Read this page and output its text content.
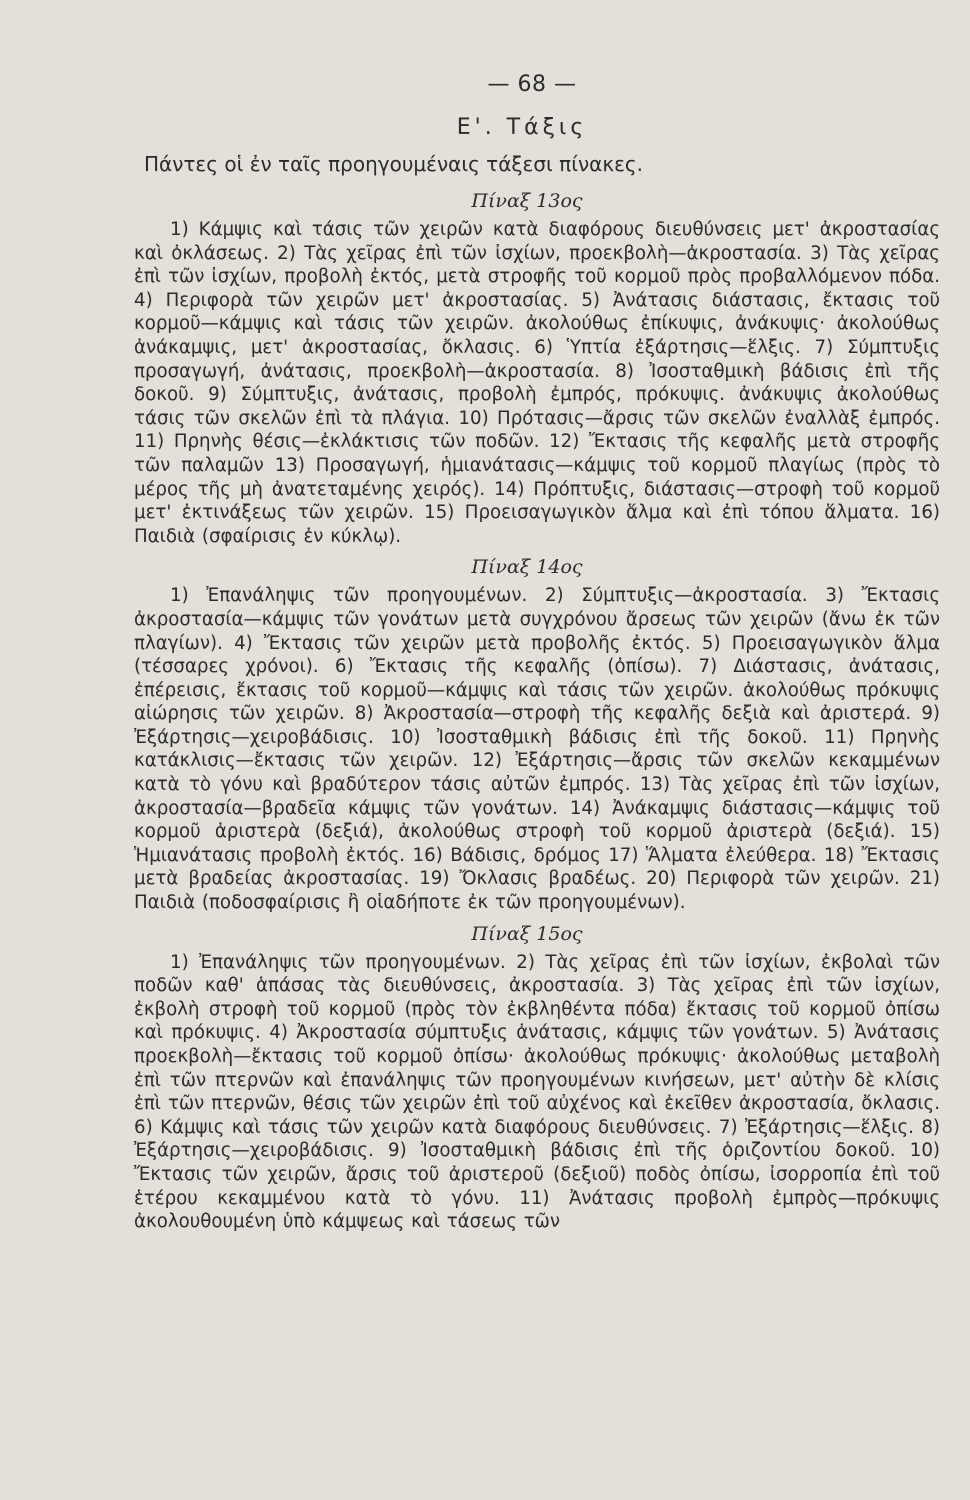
— 68 —
Ε'. Τάξις
Πάντες οἱ ἐν ταῖς προηγουμέναις τάξεσι πίνακες.
Πίναξ 13ος

1) Κάμψις καὶ τάσις τῶν χειρῶν κατὰ διαφόρους διευθύνσεις μετ' ἀκροστασίας καὶ ὀκλάσεως. 2) Τὰς χεῖρας ἐπὶ τῶν ἰσχίων, προεκβολὴ—ἀκροστασία. 3) Τὰς χεῖρας ἐπὶ τῶν ἰσχίων, προβολὴ ἐκτός, μετὰ στροφῆς τοῦ κορμοῦ πρὸς προβαλλόμενον πόδα. 4) Περιφορὰ τῶν χειρῶν μετ' ἀκροστασίας. 5) Ἀνάτασις διάστασις, ἔκτασις τοῦ κορμοῦ—κάμψις καὶ τάσις τῶν χειρῶν. ἀκολούθως ἐπίκυψις, ἀνάκυψις· ἀκολούθως ἀνάκαμψις, μετ' ἀκροστασίας, ὄκλασις. 6) Ὑπτία ἐξάρτησις—ἕλξις. 7) Σύμπτυξις προσαγωγή, ἀνάτασις, προεκβολὴ—ἀκροστασία. 8) Ἰσοσταθμικὴ βάδισις ἐπὶ τῆς δοκοῦ. 9) Σύμπτυξις, ἀνάτασις, προβολὴ ἐμπρός, πρόκυψις. ἀνάκυψις ἀκολούθως τάσις τῶν σκελῶν ἐπὶ τὰ πλάγια. 10) Πρότασις—ἄρσις τῶν σκελῶν ἐναλλὰξ ἐμπρός. 11) Πρηνὴς θέσις—ἐκλάκτισις τῶν ποδῶν. 12) Ἔκτασις τῆς κεφαλῆς μετὰ στροφῆς τῶν παλαμῶν 13) Προσαγωγή, ἡμιανάτασις—κάμψις τοῦ κορμοῦ πλαγίως (πρὸς τὸ μέρος τῆς μὴ ἀνατεταμένης χειρός). 14) Πρόπτυξις, διάστασις—στροφὴ τοῦ κορμοῦ μετ' ἐκτινάξεως τῶν χειρῶν. 15) Προεισαγωγικὸν ἅλμα καὶ ἐπὶ τόπου ἅλματα. 16) Παιδιὰ (σφαίρισις ἐν κύκλῳ).

Πίναξ 14ος

1) Ἐπανάληψις τῶν προηγουμένων. 2) Σύμπτυξις—ἀκροστασία. 3) Ἔκτασις ἀκροστασία—κάμψις τῶν γονάτων μετὰ συγχρόνου ἄρσεως τῶν χειρῶν (ἄνω ἐκ τῶν πλαγίων). 4) Ἔκτασις τῶν χειρῶν μετὰ προβολῆς ἐκτός. 5) Προεισαγωγικὸν ἅλμα (τέσσαρες χρόνοι). 6) Ἔκτασις τῆς κεφαλῆς (ὀπίσω). 7) Διάστασις, ἀνάτασις, ἐπέρεισις, ἔκτασις τοῦ κορμοῦ—κάμψις καὶ τάσις τῶν χειρῶν. ἀκολούθως πρόκυψις αἰώρησις τῶν χειρῶν. 8) Ἀκροστασία—στροφὴ τῆς κεφαλῆς δεξιὰ καὶ ἀριστερά. 9) Ἐξάρτησις—χειροβάδισις. 10) Ἰσοσταθμικὴ βάδισις ἐπὶ τῆς δοκοῦ. 11) Πρηνὴς κατάκλισις—ἔκτασις τῶν χειρῶν. 12) Ἐξάρτησις—ἄρσις τῶν σκελῶν κεκαμμένων κατὰ τὸ γόνυ καὶ βραδύτερον τάσις αὐτῶν ἐμπρός. 13) Τὰς χεῖρας ἐπὶ τῶν ἰσχίων, ἀκροστασία—βραδεῖα κάμψις τῶν γονάτων. 14) Ἀνάκαμψις διάστασις—κάμψις τοῦ κορμοῦ ἀριστερὰ (δεξιά), ἀκολούθως στροφὴ τοῦ κορμοῦ ἀριστερὰ (δεξιά). 15) Ἡμιανάτασις προβολὴ ἐκτός. 16) Βάδισις, δρόμος 17) Ἅλματα ἐλεύθερα. 18) Ἔκτασις μετὰ βραδείας ἀκροστασίας. 19) Ὄκλασις βραδέως. 20) Περιφορὰ τῶν χειρῶν. 21) Παιδιὰ (ποδοσφαίρισις ἢ οἱαδήποτε ἐκ τῶν προηγουμένων).

Πίναξ 15ος

1) Ἐπανάληψις τῶν προηγουμένων. 2) Τὰς χεῖρας ἐπὶ τῶν ἰσχίων, ἐκβολαὶ τῶν ποδῶν καθ' ἁπάσας τὰς διευθύνσεις, ἀκροστασία. 3) Τὰς χεῖρας ἐπὶ τῶν ἰσχίων, ἐκβολὴ στροφὴ τοῦ κορμοῦ (πρὸς τὸν ἐκβληθέντα πόδα) ἔκτασις τοῦ κορμοῦ ὀπίσω καὶ πρόκυψις. 4) Ἀκροστασία σύμπτυξις ἀνάτασις, κάμψις τῶν γονάτων. 5) Ἀνάτασις προεκβολὴ—ἔκτασις τοῦ κορμοῦ ὀπίσω· ἀκολούθως πρόκυψις· ἀκολούθως μεταβολὴ ἐπὶ τῶν πτερνῶν καὶ ἐπανάληψις τῶν προηγουμένων κινήσεων, μετ' αὐτὴν δὲ κλίσις ἐπὶ τῶν πτερνῶν, θέσις τῶν χειρῶν ἐπὶ τοῦ αὐχένος καὶ ἐκεῖθεν ἀκροστασία, ὄκλασις. 6) Κάμψις καὶ τάσις τῶν χειρῶν κατὰ διαφόρους διευθύνσεις. 7) Ἐξάρτησις—ἕλξις. 8) Ἐξάρτησις—χειροβάδισις. 9) Ἰσοσταθμικὴ βάδισις ἐπὶ τῆς ὁριζοντίου δοκοῦ. 10) Ἔκτασις τῶν χειρῶν, ἄρσις τοῦ ἀριστεροῦ (δεξιοῦ) ποδὸς ὀπίσω, ἰσορροπία ἐπὶ τοῦ ἑτέρου κεκαμμένου κατὰ τὸ γόνυ. 11) Ἀνάτασις προβολὴ ἐμπρὸς—πρόκυψις ἀκολουθουμένη ὑπὸ κάμψεως καὶ τάσεως τῶν
